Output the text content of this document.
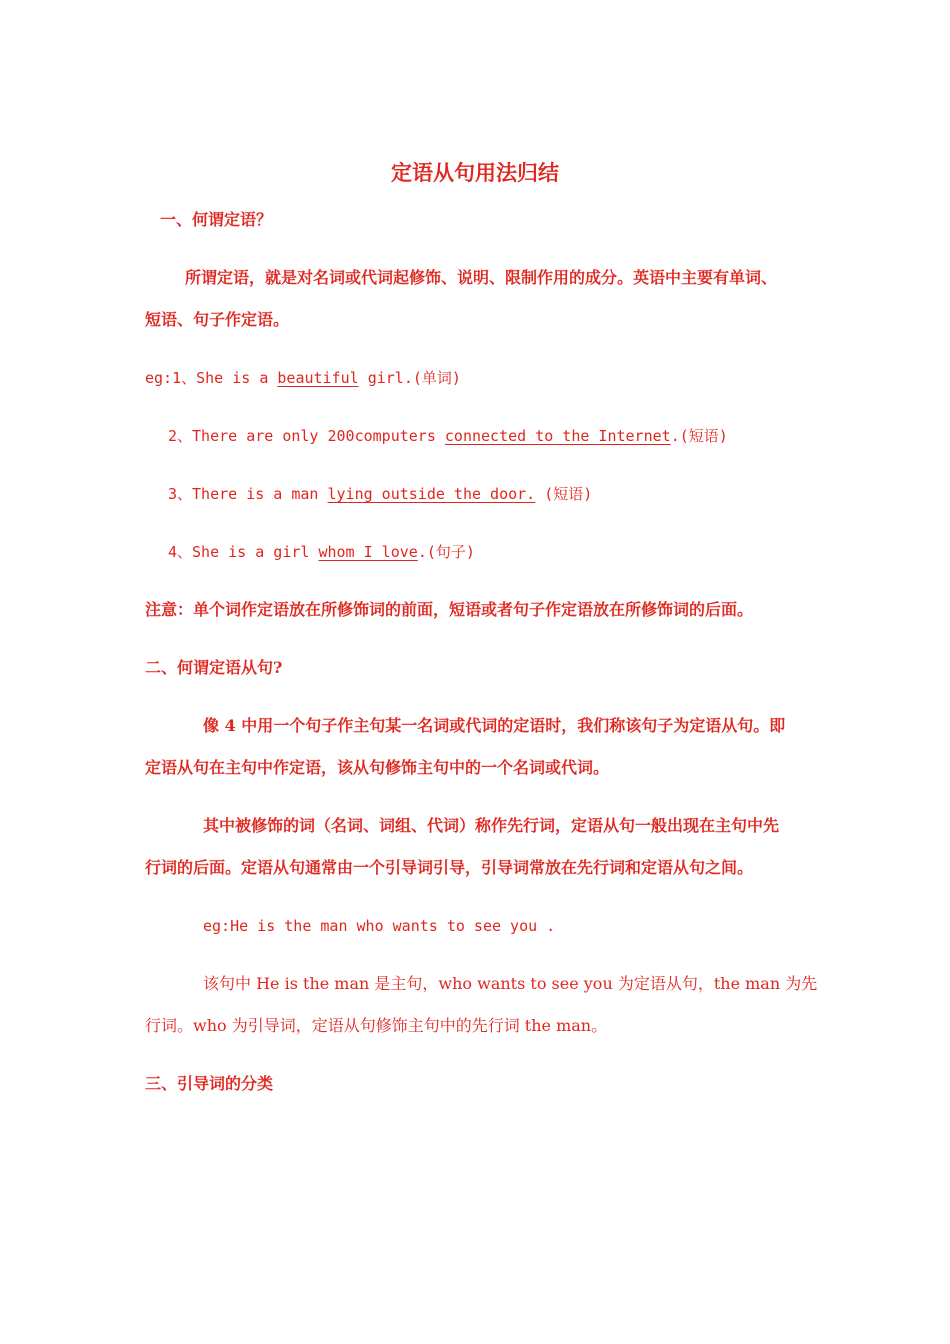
定语从句用法归结
一、何谓定语？
所谓定语，就是对名词或代词起修饰、说明、限制作用的成分。英语中主要有单词、
短语、句子作定语。
eg:1、She is a beautiful girl.(单词)
2、There are only 200computers connected to the Internet.(短语)
3、There is a man lying outside the door. (短语)
4、She is a girl whom I love.(句子)
注意：单个词作定语放在所修饰词的前面，短语或者句子作定语放在所修饰词的后面。
二、何谓定语从句?
像 4 中用一个句子作主句某一名词或代词的定语时，我们称该句子为定语从句。即
定语从句在主句中作定语，该从句修饰主句中的一个名词或代词。
其中被修饰的词（名词、词组、代词）称作先行词，定语从句一般出现在主句中先
行词的后面。定语从句通常由一个引导词引导，引导词常放在先行词和定语从句之间。
eg:He is the man who wants to see you .
该句中 He is the man 是主句，who wants to see you 为定语从句，the man 为先
行词。who 为引导词，定语从句修饰主句中的先行词 the man。
三、引导词的分类
